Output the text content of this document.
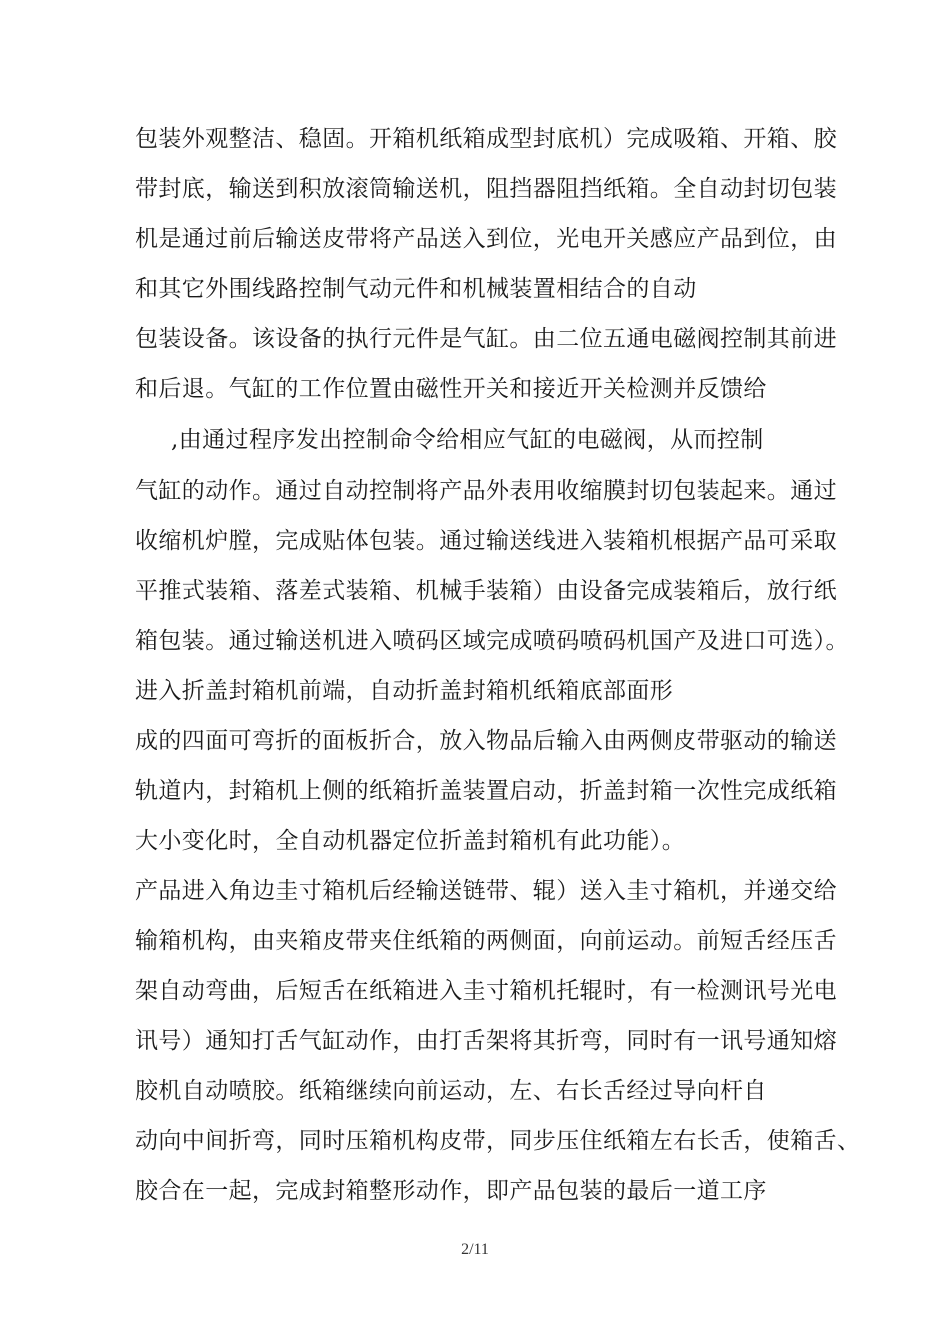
包装外观整洁、稳固。开箱机纸箱成型封底机）完成吸箱、开箱、胶
带封底，输送到积放滚筒输送机，阻挡器阻挡纸箱。全自动封切包装
机是通过前后输送皮带将产品送入到位，光电开关感应产品到位，由
和其它外围线路控制气动元件和机械装置相结合的自动
包装设备。该设备的执行元件是气缸。由二位五通电磁阀控制其前进
和后退。气缸的工作位置由磁性开关和接近开关检测并反馈给
,由通过程序发出控制命令给相应气缸的电磁阀，从而控制
气缸的动作。通过自动控制将产品外表用收缩膜封切包装起来。通过
收缩机炉膛，完成贴体包装。通过输送线进入装箱机根据产品可采取
平推式装箱、落差式装箱、机械手装箱）由设备完成装箱后，放行纸
箱包装。通过输送机进入喷码区域完成喷码喷码机国产及进口可选）。
进入折盖封箱机前端，自动折盖封箱机纸箱底部面形
成的四面可弯折的面板折合，放入物品后输入由两侧皮带驱动的输送
轨道内，封箱机上侧的纸箱折盖装置启动，折盖封箱一次性完成纸箱
大小变化时，全自动机器定位折盖封箱机有此功能）。
产品进入角边圭寸箱机后经输送链带、辊）送入圭寸箱机，并递交给
输箱机构，由夹箱皮带夹住纸箱的两侧面，向前运动。前短舌经压舌
架自动弯曲，后短舌在纸箱进入圭寸箱机托辊时，有一检测讯号光电
讯号）通知打舌气缸动作，由打舌架将其折弯，同时有一讯号通知熔
胶机自动喷胶。纸箱继续向前运动，左、右长舌经过导向杆自
动向中间折弯，同时压箱机构皮带，同步压住纸箱左右长舌，使箱舌、
胶合在一起，完成封箱整形动作，即产品包装的最后一道工序
2/11
